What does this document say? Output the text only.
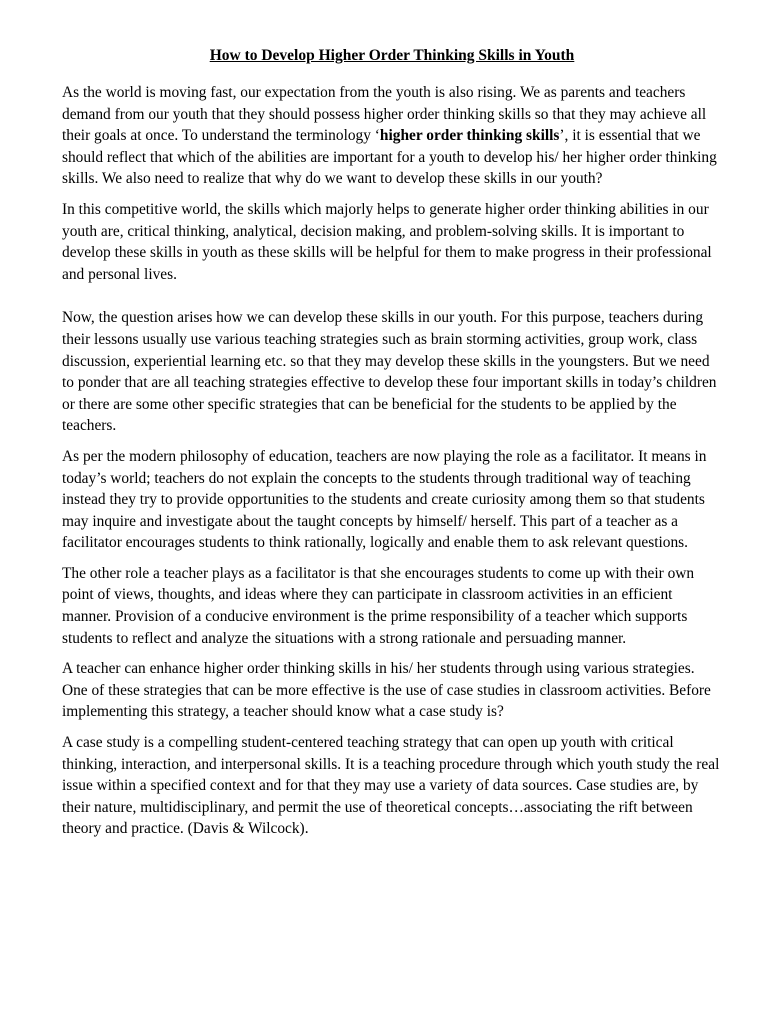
How to Develop Higher Order Thinking Skills in Youth

As the world is moving fast, our expectation from the youth is also rising. We as parents and teachers demand from our youth that they should possess higher order thinking skills so that they may achieve all their goals at once. To understand the terminology ‘higher order thinking skills’, it is essential that we should reflect that which of the abilities are important for a youth to develop his/ her higher order thinking skills. We also need to realize that why do we want to develop these skills in our youth?

In this competitive world, the skills which majorly helps to generate higher order thinking abilities in our youth are, critical thinking, analytical, decision making, and problem-solving skills. It is important to develop these skills in youth as these skills will be helpful for them to make progress in their professional and personal lives.

Now, the question arises how we can develop these skills in our youth. For this purpose, teachers during their lessons usually use various teaching strategies such as brain storming activities, group work, class discussion, experiential learning etc. so that they may develop these skills in the youngsters. But we need to ponder that are all teaching strategies effective to develop these four important skills in today’s children or there are some other specific strategies that can be beneficial for the students to be applied by the teachers.

As per the modern philosophy of education, teachers are now playing the role as a facilitator. It means in today’s world; teachers do not explain the concepts to the students through traditional way of teaching instead they try to provide opportunities to the students and create curiosity among them so that students may inquire and investigate about the taught concepts by himself/ herself. This part of a teacher as a facilitator encourages students to think rationally, logically and enable them to ask relevant questions.

The other role a teacher plays as a facilitator is that she encourages students to come up with their own point of views, thoughts, and ideas where they can participate in classroom activities in an efficient manner. Provision of a conducive environment is the prime responsibility of a teacher which supports students to reflect and analyze the situations with a strong rationale and persuading manner.

A teacher can enhance higher order thinking skills in his/ her students through using various strategies. One of these strategies that can be more effective is the use of case studies in classroom activities. Before implementing this strategy, a teacher should know what a case study is?

A case study is a compelling student-centered teaching strategy that can open up youth with critical thinking, interaction, and interpersonal skills. It is a teaching procedure through which youth study the real issue within a specified context and for that they may use a variety of data sources. Case studies are, by their nature, multidisciplinary, and permit the use of theoretical concepts…associating the rift between theory and practice. (Davis & Wilcock).
